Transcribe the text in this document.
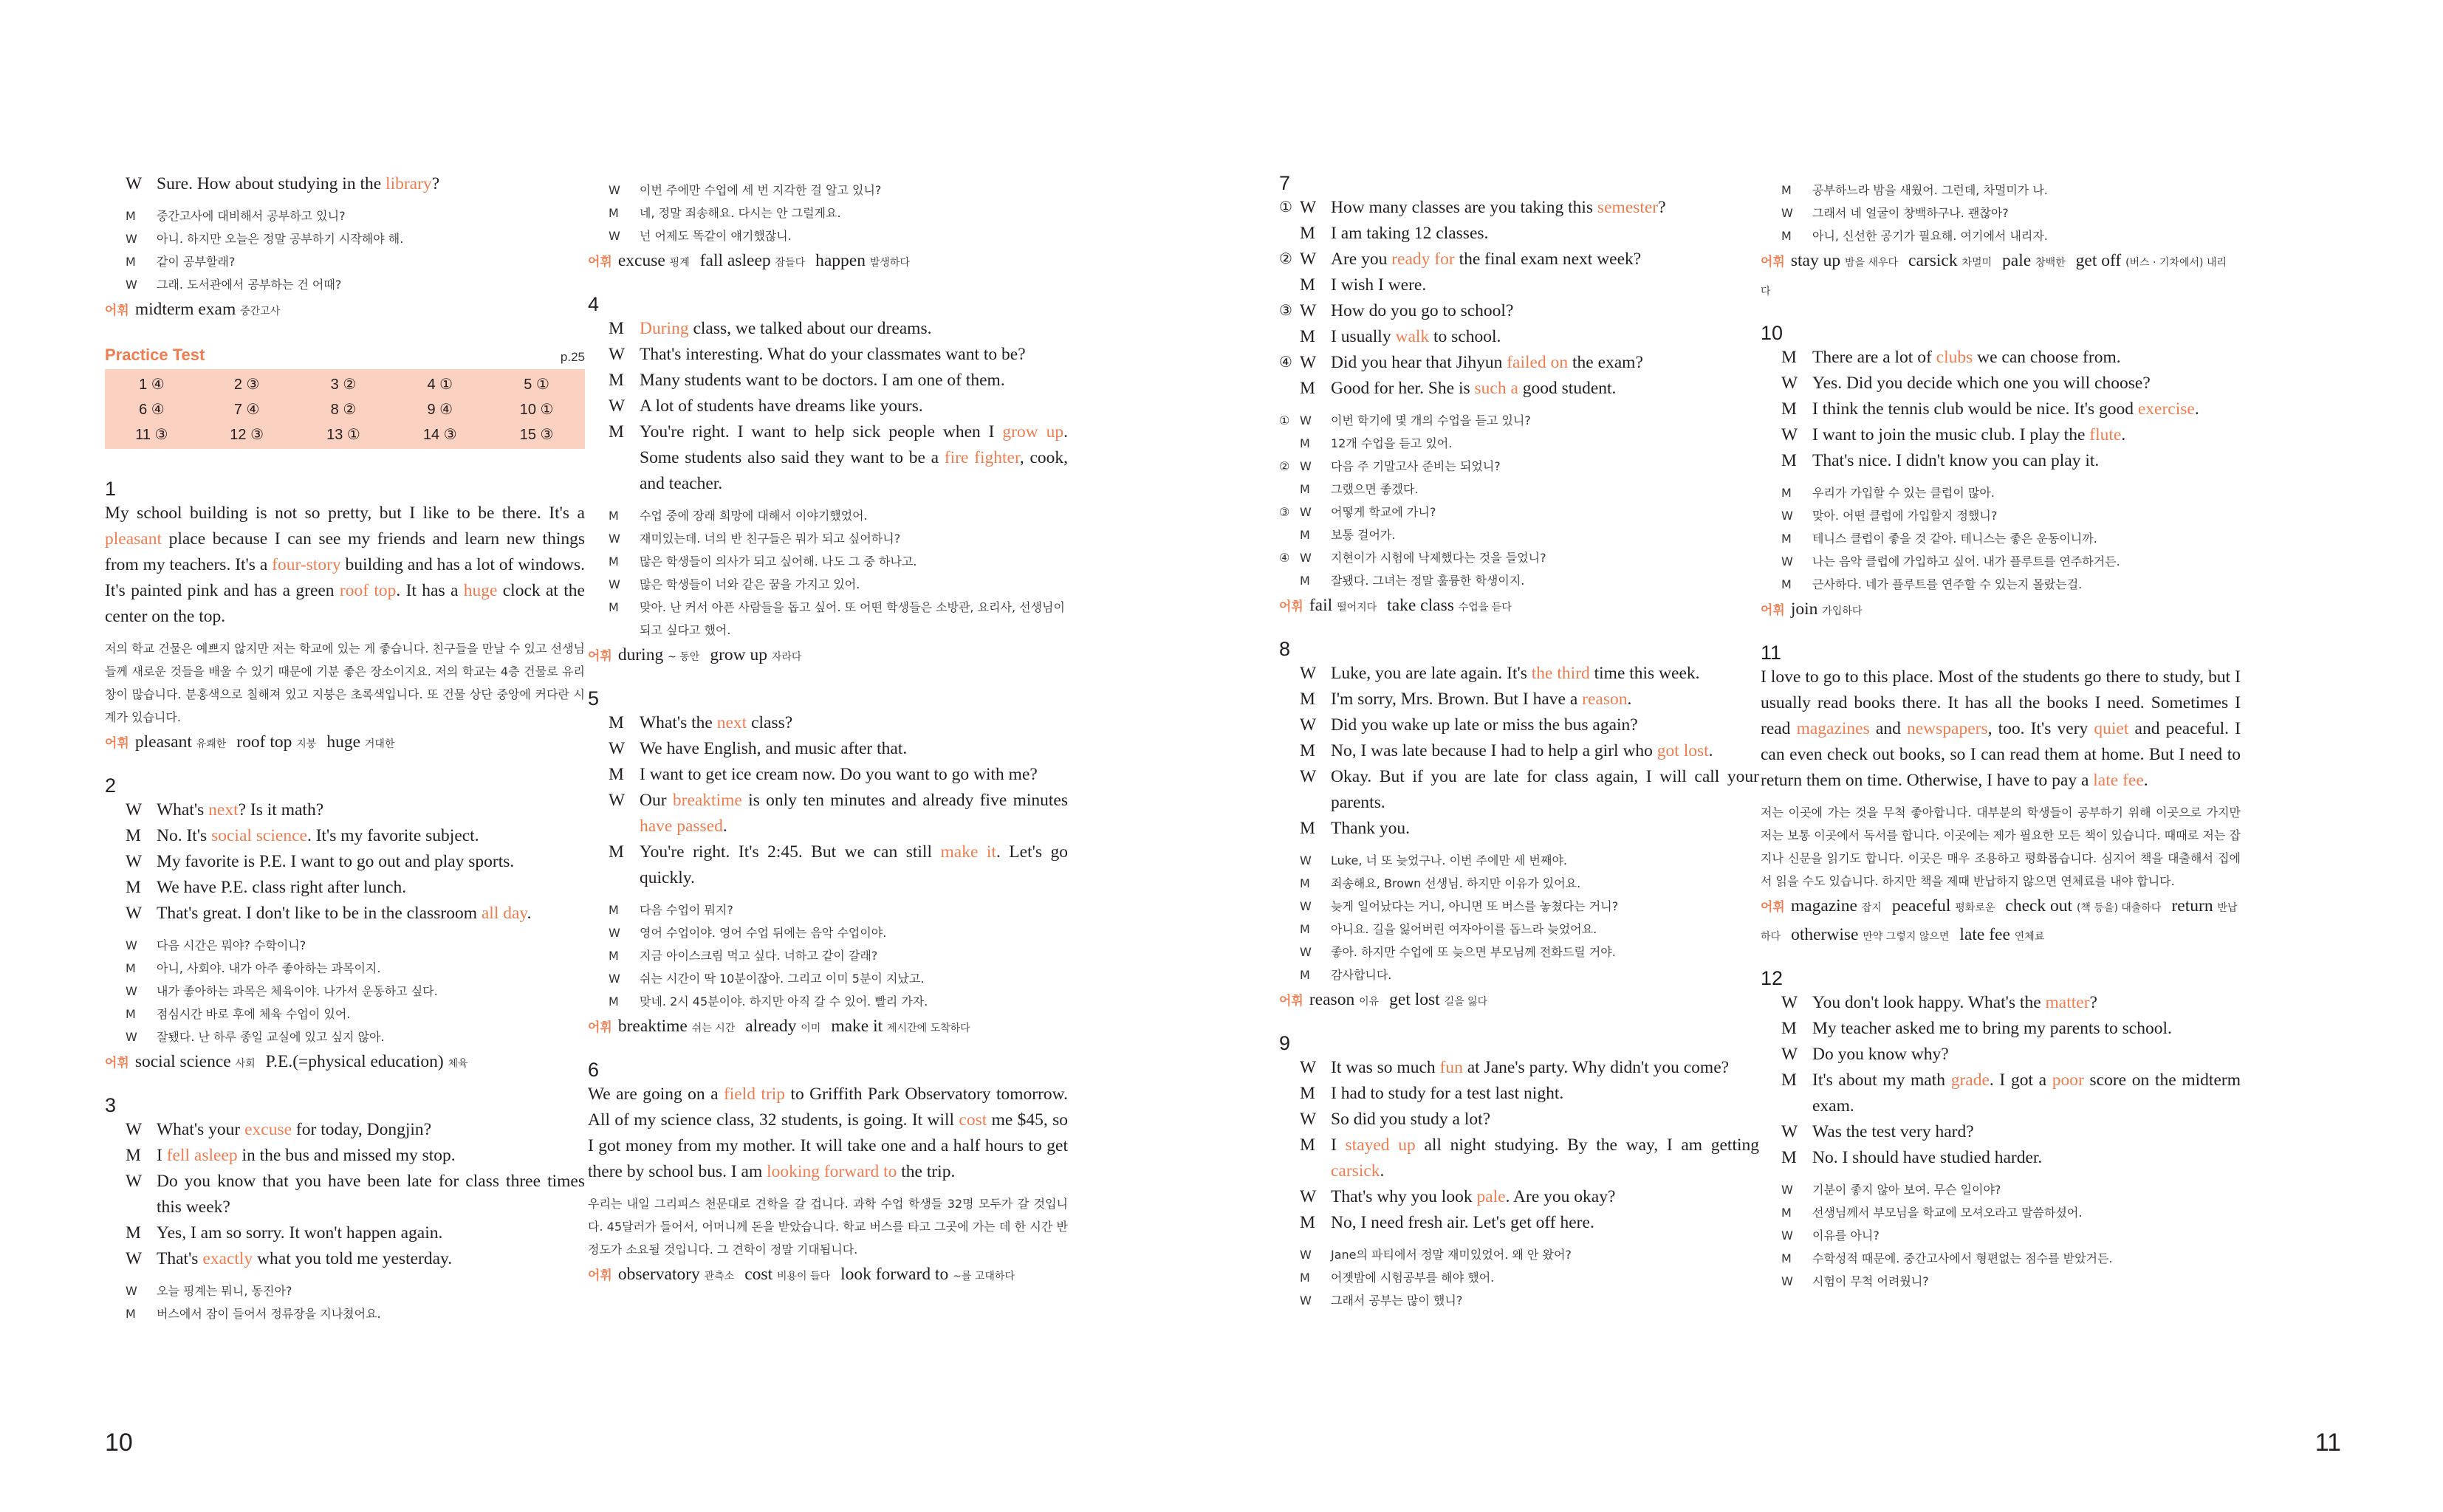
W Sure. How about studying in the library?
M	중간고사에 대비해서 공부하고 있니?
W	아니. 하지만 오늘은 정말 공부하기 시작해야 해.
M	같이 공부할래?
W	그래. 도서관에서 공부하는 건 어때?
어휘 midterm exam 중간고사
p.25
Practice Test
1 ④	2 ③	3 ②	4 ①	5 ①
6 ④	7 ④	8 ②	9 ④	10 ①
11 ③	12 ③	13 ①	14 ③	15 ③
1
My school building is not so pretty, but I like to be there. It's a pleasant place because I can see my friends and learn new things from my teachers. It's a four-story building and has a lot of windows. It's painted pink and has a green roof top. It has a huge clock at the center on the top.
저의 학교 건물은 예쁘지 않지만 저는 학교에 있는 게 좋습니다. 친구들을 만날 수 있고 선생님들께 새로운 것들을 배울 수 있기 때문에 기분 좋은 장소이지요. 저의 학교는 4층 건물로 유리창이 많습니다. 분홍색으로 칠해져 있고 지붕은 초록색입니다. 또 건물 상단 중앙에 커다란 시계가 있습니다.
어휘 pleasant 유쾌한 roof top 지붕 huge 거대한
2
W What's next? Is it math?
M No. It's social science. It's my favorite subject.
W My favorite is P.E. I want to go out and play sports.
M We have P.E. class right after lunch.
W That's great. I don't like to be in the classroom all day.
W	다음 시간은 뭐야? 수학이니?
M	아니, 사회야. 내가 아주 좋아하는 과목이지.
W	내가 좋아하는 과목은 체육이야. 나가서 운동하고 싶다.
M	점심시간 바로 후에 체육 수업이 있어.
W	잘됐다. 난 하루 종일 교실에 있고 싶지 않아.
어휘 social science 사회 P.E.(=physical education) 체육
3
W What's your excuse for today, Dongjin?
M I fell asleep in the bus and missed my stop.
W Do you know that you have been late for class three times this week?
M Yes, I am so sorry. It won't happen again.
W That's exactly what you told me yesterday.
W	오늘 핑계는 뭐니, 동진아?
M	버스에서 잠이 들어서 정류장을 지나쳤어요.
W	이번 주에만 수업에 세 번 지각한 걸 알고 있니?
M	네, 정말 죄송해요. 다시는 안 그럴게요.
W	넌 어제도 똑같이 얘기했잖니.
어휘 excuse 핑계 fall asleep 잠들다 happen 발생하다
4
M During class, we talked about our dreams.
W That's interesting. What do your classmates want to be?
M Many students want to be doctors. I am one of them.
W A lot of students have dreams like yours.
M You're right. I want to help sick people when I grow up. Some students also said they want to be a fire fighter, cook, and teacher.
M	수업 중에 장래 희망에 대해서 이야기했었어.
W	재미있는데. 너의 반 친구들은 뭐가 되고 싶어하니?
M	많은 학생들이 의사가 되고 싶어해. 나도 그 중 하나고.
W	많은 학생들이 너와 같은 꿈을 가지고 있어.
M	맞아. 난 커서 아픈 사람들을 돕고 싶어. 또 어떤 학생들은 소방관, 요리사, 선생님이 되고 싶다고 했어.
어휘 during ~ 동안 grow up 자라다
5
M What's the next class?
W We have English, and music after that.
M I want to get ice cream now. Do you want to go with me?
W Our breaktime is only ten minutes and already five minutes have passed.
M You're right. It's 2:45. But we can still make it. Let's go quickly.
M	다음 수업이 뭐지?
W	영어 수업이야. 영어 수업 뒤에는 음악 수업이야.
M	지금 아이스크림 먹고 싶다. 너하고 같이 갈래?
W	쉬는 시간이 딱 10분이잖아. 그리고 이미 5분이 지났고.
M	맞네. 2시 45분이야. 하지만 아직 갈 수 있어. 빨리 가자.
어휘 breaktime 쉬는 시간 already 이미 make it 제시간에 도착하다
6
We are going on a field trip to Griffith Park Observatory tomorrow. All of my science class, 32 students, is going. It will cost me $45, so I got money from my mother. It will take one and a half hours to get there by school bus. I am looking forward to the trip.
우리는 내일 그리피스 천문대로 견학을 갈 겁니다. 과학 수업 학생들 32명 모두가 갈 것입니다. 45달러가 들어서, 어머니께 돈을 받았습니다. 학교 버스를 타고 그곳에 가는 데 한 시간 반 정도가 소요될 것입니다. 그 견학이 정말 기대됩니다.
어휘 observatory 관측소 cost 비용이 들다 look forward to ~를 고대하다
10
7
① W How many classes are you taking this semester?
M I am taking 12 classes.
② W Are you ready for the final exam next week?
M I wish I were.
③ W How do you go to school?
M I usually walk to school.
④ W Did you hear that Jihyun failed on the exam?
M Good for her. She is such a good student.
① W	이번 학기에 몇 개의 수업을 듣고 있니?
M	12개 수업을 듣고 있어.
② W	다음 주 기말고사 준비는 되었니?
M	그랬으면 좋겠다.
③ W	어떻게 학교에 가니?
M	보통 걸어가.
④ W	지현이가 시험에 낙제했다는 것을 들었니?
M	잘됐다. 그녀는 정말 훌륭한 학생이지.
어휘 fail 떨어지다 take class 수업을 듣다
8
W Luke, you are late again. It's the third time this week.
M I'm sorry, Mrs. Brown. But I have a reason.
W Did you wake up late or miss the bus again?
M No, I was late because I had to help a girl who got lost.
W Okay. But if you are late for class again, I will call your parents.
M Thank you.
W	Luke, 너 또 늦었구나. 이번 주에만 세 번째야.
M	죄송해요, Brown 선생님. 하지만 이유가 있어요.
W	늦게 일어났다는 거니, 아니면 또 버스를 놓쳤다는 거니?
M	아니요. 길을 잃어버린 여자아이를 돕느라 늦었어요.
W	좋아. 하지만 수업에 또 늦으면 부모님께 전화드릴 거야.
M	감사합니다.
어휘 reason 이유 get lost 길을 잃다
9
W It was so much fun at Jane's party. Why didn't you come?
M I had to study for a test last night.
W So did you study a lot?
M I stayed up all night studying. By the way, I am getting carsick.
W That's why you look pale. Are you okay?
M No, I need fresh air. Let's get off here.
W	Jane의 파티에서 정말 재미있었어. 왜 안 왔어?
M	어젯밤에 시험공부를 해야 했어.
W	그래서 공부는 많이 했니?
M	공부하느라 밤을 새웠어. 그런데, 차멀미가 나.
W	그래서 네 얼굴이 창백하구나. 괜찮아?
M	아니, 신선한 공기가 필요해. 여기에서 내리자.
어휘 stay up 밤을 새우다 carsick 차멀미 pale 창백한 get off (버스 · 기차에서) 내리다
10
M There are a lot of clubs we can choose from.
W Yes. Did you decide which one you will choose?
M I think the tennis club would be nice. It's good exercise.
W I want to join the music club. I play the flute.
M That's nice. I didn't know you can play it.
M	우리가 가입할 수 있는 클럽이 많아.
W	맞아. 어떤 클럽에 가입할지 정했니?
M	테니스 클럽이 좋을 것 같아. 테니스는 좋은 운동이니까.
W	나는 음악 클럽에 가입하고 싶어. 내가 플루트를 연주하거든.
M	근사하다. 네가 플루트를 연주할 수 있는지 몰랐는걸.
어휘 join 가입하다
11
I love to go to this place. Most of the students go there to study, but I usually read books there. It has all the books I need. Sometimes I read magazines and newspapers, too. It's very quiet and peaceful. I can even check out books, so I can read them at home. But I need to return them on time. Otherwise, I have to pay a late fee.
저는 이곳에 가는 것을 무척 좋아합니다. 대부분의 학생들이 공부하기 위해 이곳으로 가지만 저는 보통 이곳에서 독서를 합니다. 이곳에는 제가 필요한 모든 책이 있습니다. 때때로 저는 잡지나 신문을 읽기도 합니다. 이곳은 매우 조용하고 평화롭습니다. 심지어 책을 대출해서 집에서 읽을 수도 있습니다. 하지만 책을 제때 반납하지 않으면 연체료를 내야 합니다.
어휘 magazine 잡지 peaceful 평화로운 check out (책 등을) 대출하다 return 반납하다 otherwise 만약 그렇지 않으면 late fee 연체료
12
W You don't look happy. What's the matter?
M My teacher asked me to bring my parents to school.
W Do you know why?
M It's about my math grade. I got a poor score on the midterm exam.
W Was the test very hard?
M No. I should have studied harder.
W	기분이 좋지 않아 보여. 무슨 일이야?
M	선생님께서 부모님을 학교에 모셔오라고 말씀하셨어.
W	이유를 아니?
M	수학성적 때문에. 중간고사에서 형편없는 점수를 받았거든.
W	시험이 무척 어려웠니?
11
